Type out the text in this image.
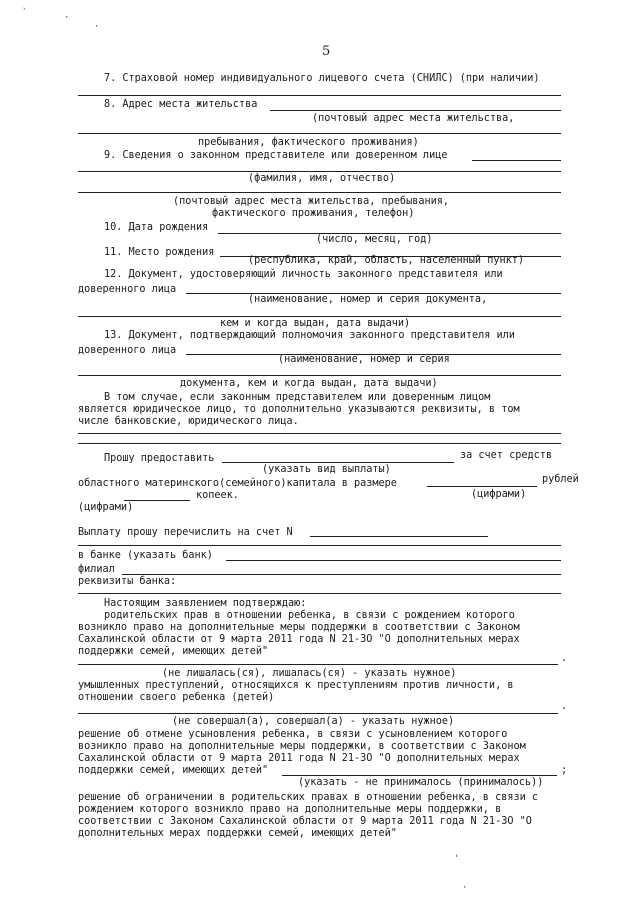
`	·
·
5
7. Страховой номер индивидуального лицевого счета (СНИЛС) (при наличии)
8. Адрес места жительства
(почтовый адрес места жительства,
пребывания, фактического проживания)
9. Сведения о законном представителе или доверенном лице
(фамилия, имя, отчество)
(почтовый адрес места жительства, пребывания,
фактического проживания, телефон)
10. Дата рождения
(число, месяц, год)
11. Место рождения
(республика, край, область, населенный пункт)
12. Документ, удостоверяющий личность законного представителя или
доверенного лица
(наименование, номер и серия документа,
кем и когда выдан, дата выдачи)
13. Документ, подтверждающий полномочия законного представителя или
доверенного лица
(наименование, номер и серия
документа, кем и когда выдан, дата выдачи)
В том случае, если законным представителем или доверенным лицом
является юридическое лицо, то дополнительно указываются реквизиты, в том
числе банковские, юридического лица.
Прошу предоставить	за счет средств
(указать вид выплаты)
областного материнского(семейного)капитала в размере	рублей
(цифрами)
копеек.
(цифрами)
Выплату прошу перечислить на счет N
в банке (указать банк)
филиал
реквизиты банка:
Настоящим заявлением подтверждаю:
родительских прав в отношении ребенка, в связи с рождением которого
возникло право на дополнительные меры поддержки в соответствии с Законом
Сахалинской области от 9 марта 2011 года N 21-ЗО "О дополнительных мерах
поддержки семей, имеющих детей"
.
(не лишалась(ся), лишалась(ся) - указать нужное)
умышленных преступлений, относящихся к преступлениям против личности, в
отношении своего ребенка (детей)
.
(не совершал(а), совершал(а) - указать нужное)
решение об отмене усыновления ребенка, в связи с усыновлением которого
возникло право на дополнительные меры поддержки, в соответствии с Законом
Сахалинской области от 9 марта 2011 года N 21-ЗО "О дополнительных мерах
поддержки семей, имеющих детей"	;
(указать - не принималось (принималось))
решение об ограничении в родительских правах в отношении ребенка, в связи с
рождением которого возникло право на дополнительные меры поддержки, в
соответствии с Законом Сахалинской области от 9 марта 2011 года N 21-ЗО "О
дополнительных мерах поддержки семей, имеющих детей"
'
·
